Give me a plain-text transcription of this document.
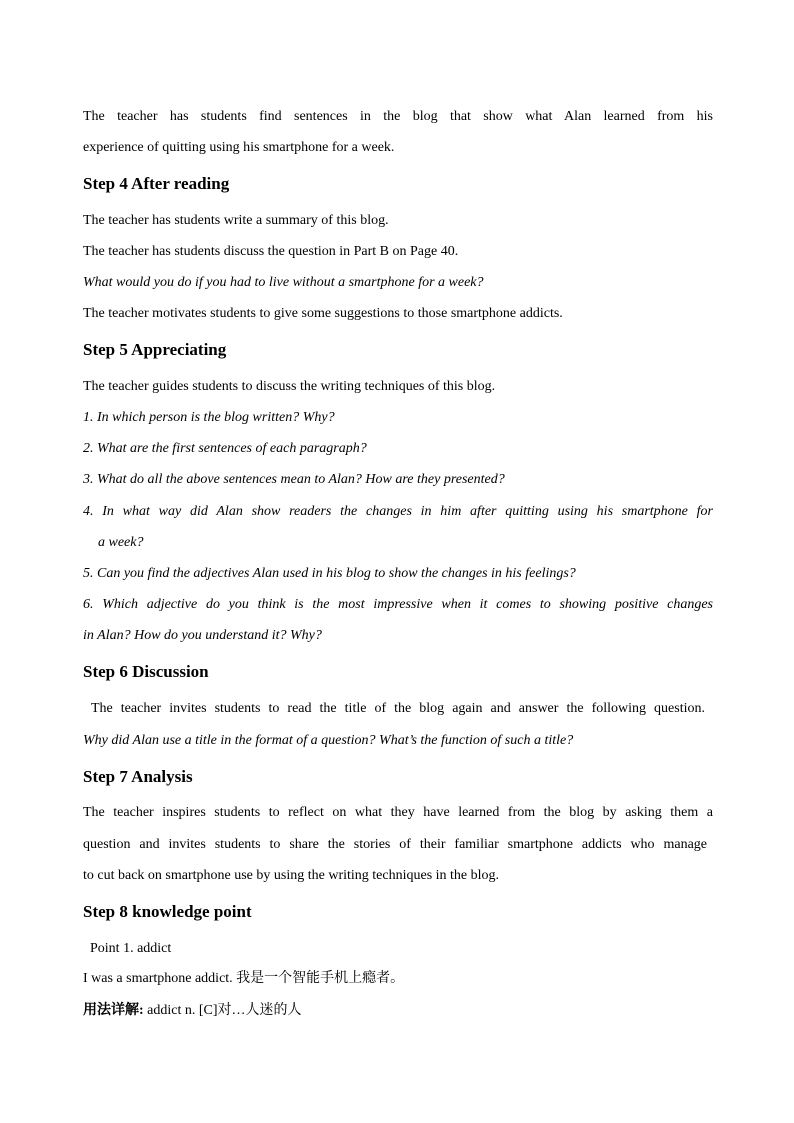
The teacher has students find sentences in the blog that show what Alan learned from his
experience of quitting using his smartphone for a week.
Step 4 After reading
The teacher has students write a summary of this blog.
The teacher has students discuss the question in Part B on Page 40.
What would you do if you had to live without a smartphone for a week?
The teacher motivates students to give some suggestions to those smartphone addicts.
Step 5 Appreciating
The teacher guides students to discuss the writing techniques of this blog.
1. In which person is the blog written? Why?
2. What are the first sentences of each paragraph?
3. What do all the above sentences mean to Alan? How are they presented?
4. In what way did Alan show readers the changes in him after quitting using his smartphone for
a week?
5. Can you find the adjectives Alan used in his blog to show the changes in his feelings?
6. Which adjective do you think is the most impressive when it comes to showing positive changes
in Alan? How do you understand it? Why?
Step 6 Discussion
The teacher invites students to read the title of the blog again and answer the following question.
Why did Alan use a title in the format of a question? What’s the function of such a title?
Step 7 Analysis
The teacher inspires students to reflect on what they have learned from the blog by asking them a
question and invites students to share the stories of their familiar smartphone addicts who manage
to cut back on smartphone use by using the writing techniques in the blog.
Step 8 knowledge point
Point 1. addict
I was a smartphone addict. 我是一个智能手机上瘾者。
用法详解: addict n. [C]对…人迷的人
